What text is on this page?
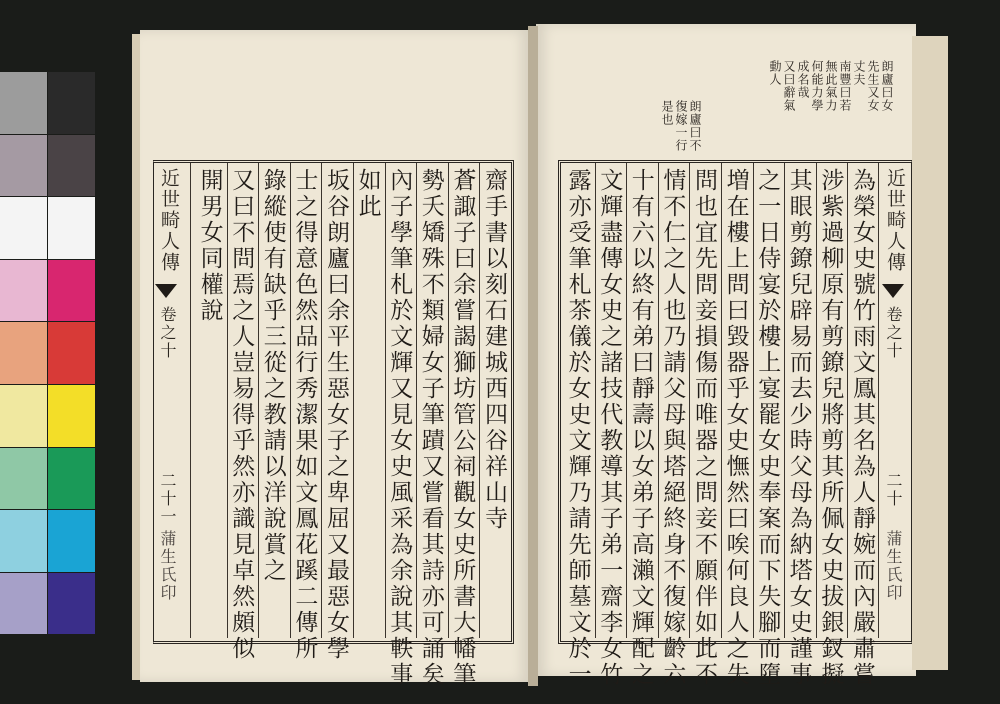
近世畸人傳
卷之十
二十一
蒲生氏印
齋手書以刻石建城西四谷祥山寺
蒼諏子曰余嘗謁獅坊管公祠觀女史所書大幡筆
勢夭矯殊不類婦女子筆蹟又嘗看其詩亦可誦矣
內子學筆札於文輝又見女史風采為余說其軼事
如此
坂谷朗廬曰余平生惡女子之卑屈又最惡女學
士之得意色然品行秀潔果如文鳳花蹊二傳所
錄縱使有缺乎三從之教請以洋說賞之
又曰不問焉之人豈易得乎然亦識見卓然頗似
開男女同權說
朗廬曰女
先生又女
丈夫
南豐曰若
無此氣力
何能力學
成名哉
又曰辭氣
動人
朗廬曰不
復嫁一行
是也
為榮女史號竹雨文鳳其名為人靜婉而內嚴肅嘗
涉紫過柳原有剪鐐兒將剪其所佩女史拔銀釵擬
其眼剪鐐兒辟易而去少時父母為納塔女史謹事
之一日侍宴於樓上宴罷女史奉案而下失腳而墮
増在樓上問曰毀器乎女史憮然曰唉何良人之失
問也宜先問妾損傷而唯器之問妾不願伴如此不
情不仁之人也乃請父母與塔絕終身不復嫁齡六
十有六以終有弟曰靜壽以女弟子高瀨文輝配之
文輝盡傳女史之諸技代教導其子弟一齋李女竹
露亦受筆札茶儀於女史文輝乃請先師墓文於一	近世畸人傳
卷之十
二十
蒲生氏印
